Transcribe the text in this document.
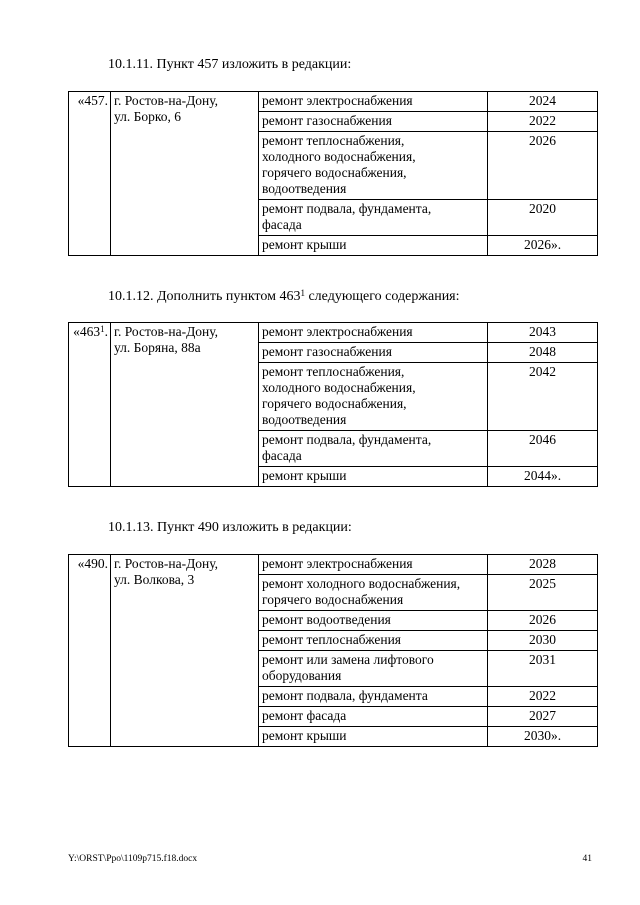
10.1.11. Пункт 457 изложить в редакции:
«457.	г. Ростов-на-Дону,
ул. Борко, 6	ремонт электроснабжения	2024
		ремонт газоснабжения	2022
		ремонт теплоснабжения,
холодного водоснабжения,
горячего водоснабжения,
водоотведения	2026
		ремонт подвала, фундамента,
фасада	2020
		ремонт крыши	2026».
10.1.12. Дополнить пунктом $463^1$ следующего содержания:
«$463^1$.	г. Ростов-на-Дону,
ул. Боряна, 88а	ремонт электроснабжения	2043
		ремонт газоснабжения	2048
		ремонт теплоснабжения,
холодного водоснабжения,
горячего водоснабжения,
водоотведения	2042
		ремонт подвала, фундамента,
фасада	2046
		ремонт крыши	2044».
10.1.13. Пункт 490 изложить в редакции:
«490.	г. Ростов-на-Дону,
ул. Волкова, 3	ремонт электроснабжения	2028
		ремонт холодного водоснабжения,
горячего водоснабжения	2025
		ремонт водоотведения	2026
		ремонт теплоснабжения	2030
		ремонт или замена лифтового
оборудования	2031
		ремонт подвала, фундамента	2022
		ремонт фасада	2027
		ремонт крыши	2030».
Y:\ORST\Ppo\1109p715.f18.docx	41
